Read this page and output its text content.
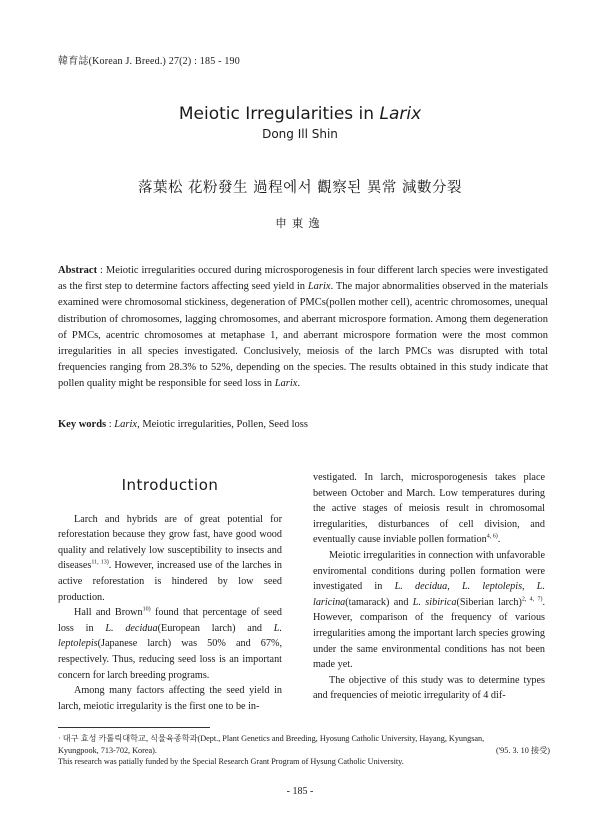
韓育誌(Korean J. Breed.) 27(2) : 185 - 190
Meiotic Irregularities in Larix
Dong Ill Shin
落葉松 花粉發生 過程에서 觀察된 異常 減數分裂
申東逸

Abstract : Meiotic irregularities occured during microsporogenesis in four different larch species were investigated as the first step to determine factors affecting seed yield in Larix. The major abnormalities observed in the materials examined were chromosomal stickiness, degeneration of PMCs(pollen mother cell), acentric chromosomes, unequal distribution of chromosomes, lagging chromosomes, and aberrant microspore formation. Among them degeneration of PMCs, acentric chromosomes at metaphase 1, and aberrant microspore formation were the most common irregularities in all species investigated. Conclusively, meiosis of the larch PMCs was disrupted with total frequencies ranging from 28.3% to 52%, depending on the species. The results obtained in this study indicate that pollen quality might be responsible for seed loss in Larix.

Key words : Larix, Meiotic irregularities, Pollen, Seed loss

Introduction

Larch and hybrids are of great potential for reforestation because they grow fast, have good wood quality and relatively low susceptibility to insects and diseases$^{11, 13)}$. However, increased use of the larches in active reforestation is hindered by low seed production.

Hall and Brown$^{10)}$ found that percentage of seed loss in L. decidua(European larch) and L. leptolepis(Japanese larch) was 50% and 67%, respectively. Thus, reducing seed loss is an important concern for larch breeding programs.

Among many factors affecting the seed yield in larch, meiotic irregularity is the first one to be in-

vestigated. In larch, microsporogenesis takes place between October and March. Low temperatures during the active stages of meiosis result in chromosomal irregularities, disturbances of cell division, and eventually cause inviable pollen formation$^{4, 6)}$.

Meiotic irregularities in connection with unfavorable enviromental conditions during pollen formation were investigated in L. decidua, L. leptolepis, L. laricina(tamarack) and L. sibirica(Siberian larch)$^{2, 4, 7)}$. However, comparison of the frequency of various irregularities among the important larch species growing under the same environmental conditions has not been made yet.

The objective of this study was to determine types and frequencies of meiotic irregularity of 4 dif-

· 대구 효성 카톨릭대학교, 식물육종학과(Dept., Plant Genetics and Breeding, Hyosung Catholic University, Hayang, Kyungsan,
Kyungpook, 713-702, Korea).	('95. 3. 10 接受)
This research was patially funded by the Special Research Grant Program of Hysung Catholic University.
- 185 -
